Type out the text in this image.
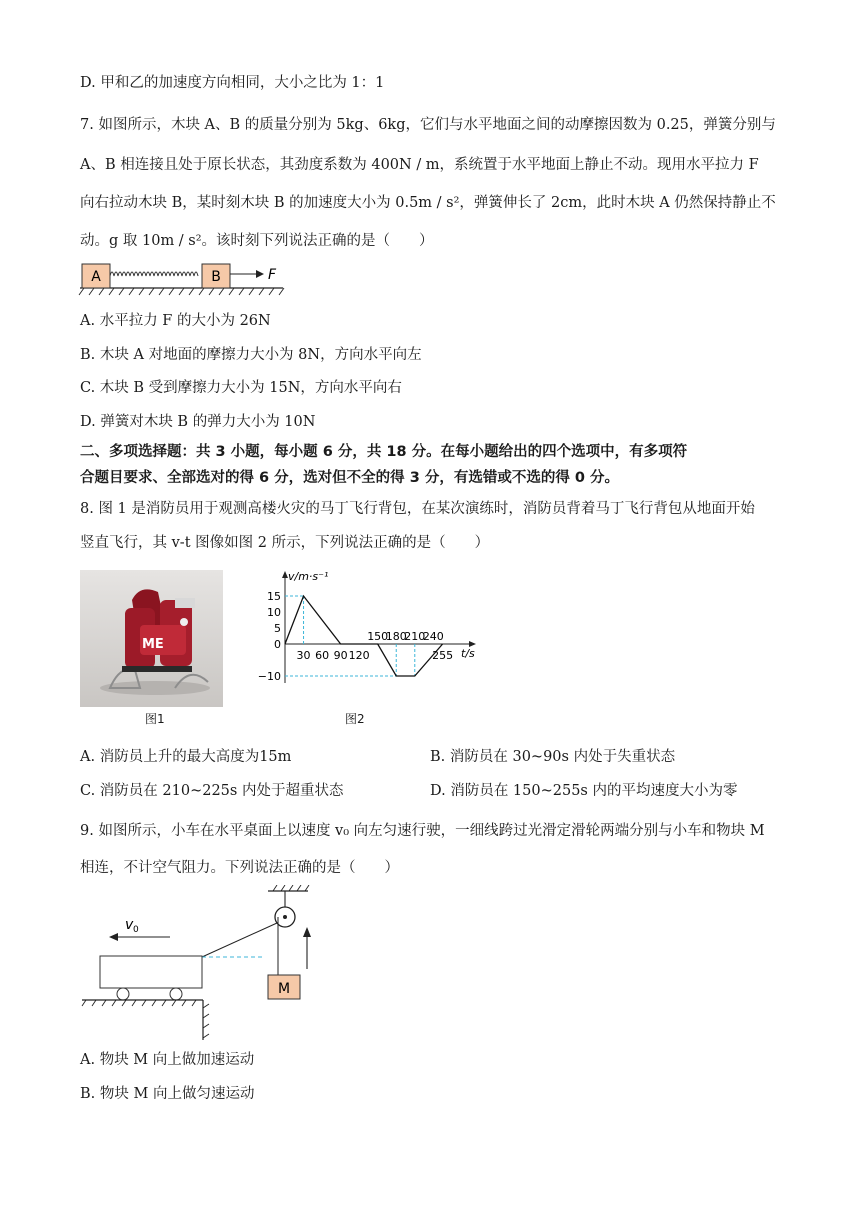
D. 甲和乙的加速度方向相同，大小之比为 1：1
7. 如图所示，木块 A、B 的质量分别为 5kg、6kg，它们与水平地面之间的动摩擦因数为 0.25，弹簧分别与
A、B 相连接且处于原长状态，其劲度系数为 400N / m，系统置于水平地面上静止不动。现用水平拉力 F
向右拉动木块 B，某时刻木块 B 的加速度大小为 0.5m / s²，弹簧伸长了 2cm，此时木块 A 仍然保持静止不
动。g 取 10m / s²。该时刻下列说法正确的是（　　）
A	B	F
A. 水平拉力 F 的大小为 26N
B. 木块 A 对地面的摩擦力大小为 8N，方向水平向左
C. 木块 B 受到摩擦力大小为 15N，方向水平向右
D. 弹簧对木块 B 的弹力大小为 10N
二、多项选择题：共 3 小题，每小题 6 分，共 18 分。在每小题给出的四个选项中，有多项符
合题目要求、全部选对的得 6 分，选对但不全的得 3 分，有选错或不选的得 0 分。
8. 图 1 是消防员用于观测高楼火灾的马丁飞行背包，在某次演练时，消防员背着马丁飞行背包从地面开始
竖直飞行，其 v-t 图像如图 2 所示，下列说法正确的是（　　）
ME
图1
15
10
5
0
−10
30 60 90 120
150
180
210
240
255
v/m·s⁻¹
t/s
图2
A. 消防员上升的最大高度为15m	B. 消防员在 30~90s 内处于失重状态
C. 消防员在 210~225s 内处于超重状态	D. 消防员在 150~255s 内的平均速度大小为零
9. 如图所示，小车在水平桌面上以速度 v₀ 向左匀速行驶，一细线跨过光滑定滑轮两端分别与小车和物块 M
相连，不计空气阻力。下列说法正确的是（　　）
M
v 0
A. 物块 M 向上做加速运动
B. 物块 M 向上做匀速运动
